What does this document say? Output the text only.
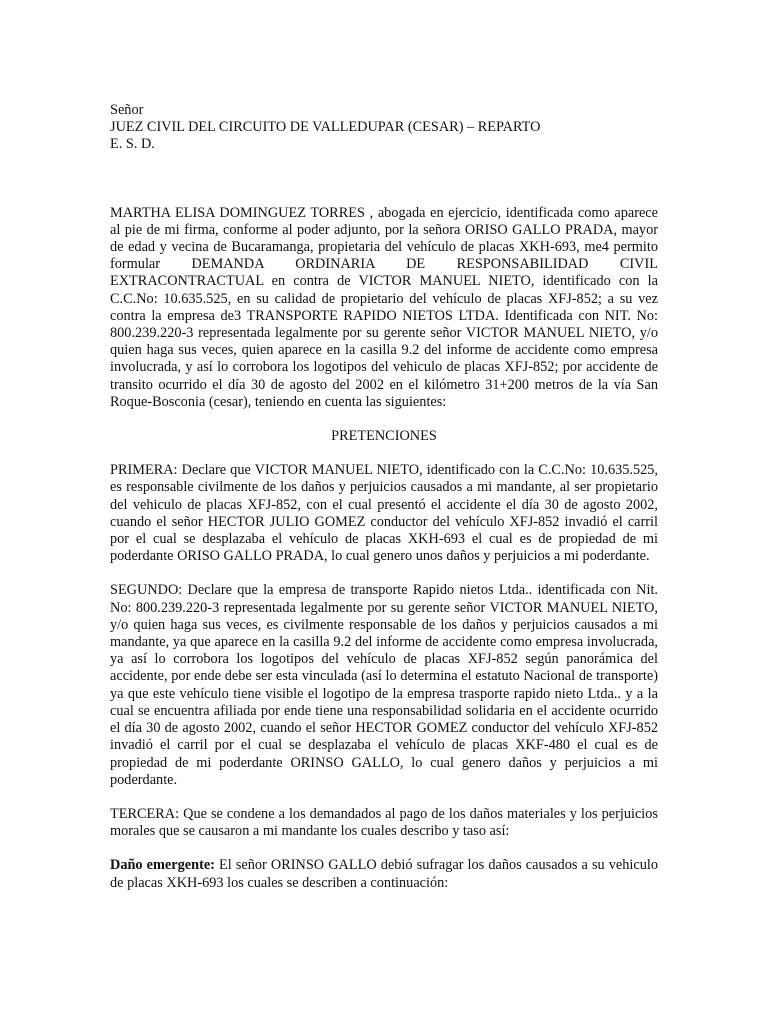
Señor
JUEZ CIVIL DEL CIRCUITO DE VALLEDUPAR (CESAR) – REPARTO
E. S. D.

MARTHA ELISA DOMINGUEZ TORRES , abogada en ejercicio, identificada como aparece al pie de mi firma, conforme al poder adjunto, por la señora ORISO GALLO PRADA, mayor de edad y vecina de Bucaramanga, propietaria del vehículo de placas XKH-693, me4 permito formular DEMANDA ORDINARIA DE RESPONSABILIDAD CIVIL EXTRACONTRACTUAL en contra de VICTOR MANUEL NIETO, identificado con la C.C.No: 10.635.525, en su calidad de propietario del vehículo de placas XFJ-852; a su vez contra la empresa de3 TRANSPORTE RAPIDO NIETOS LTDA. Identificada con NIT. No: 800.239.220-3 representada legalmente por su gerente señor VICTOR MANUEL NIETO, y/o quien haga sus veces, quien aparece en la casilla 9.2 del informe de accidente como empresa involucrada, y así lo corrobora los logotipos del vehiculo de placas XFJ-852; por accidente de transito ocurrido el día 30 de agosto del 2002 en el kilómetro 31+200 metros de la vía San Roque-Bosconia (cesar), teniendo en cuenta las siguientes:

PRETENCIONES

PRIMERA: Declare que VICTOR MANUEL NIETO, identificado con la C.C.No: 10.635.525, es responsable civilmente de los daños y perjuicios causados a mi mandante, al ser propietario del vehiculo de placas XFJ-852, con el cual presentó el accidente el día 30 de agosto 2002, cuando el señor HECTOR JULIO GOMEZ conductor del vehículo XFJ-852 invadió el carril por el cual se desplazaba el vehículo de placas XKH-693 el cual es de propiedad de mi poderdante ORISO GALLO PRADA, lo cual genero unos daños y perjuicios a mi poderdante.

SEGUNDO: Declare que la empresa de transporte Rapido nietos Ltda.. identificada con Nit. No: 800.239.220-3 representada legalmente por su gerente señor VICTOR MANUEL NIETO, y/o quien haga sus veces, es civilmente responsable de los daños y perjuicios causados a mi mandante, ya que aparece en la casilla 9.2 del informe de accidente como empresa involucrada, ya así lo corrobora los logotipos del vehículo de placas XFJ-852 según panorámica del accidente, por ende debe ser esta vinculada (así lo determina el estatuto Nacional de transporte) ya que este vehículo tiene visible el logotipo de la empresa trasporte rapido nieto Ltda.. y a la cual se encuentra afiliada por ende tiene una responsabilidad solidaria en el accidente ocurrido el día 30 de agosto 2002, cuando el señor HECTOR GOMEZ conductor del vehículo XFJ-852 invadió el carril por el cual se desplazaba el vehículo de placas XKF-480 el cual es de propiedad de mi poderdante ORINSO GALLO, lo cual genero daños y perjuicios a mi poderdante.

TERCERA: Que se condene a los demandados al pago de los daños materiales y los perjuicios morales que se causaron a mi mandante los cuales describo y taso así:

Daño emergente: El señor ORINSO GALLO debió sufragar los daños causados a su vehiculo de placas XKH-693 los cuales se describen a continuación:
